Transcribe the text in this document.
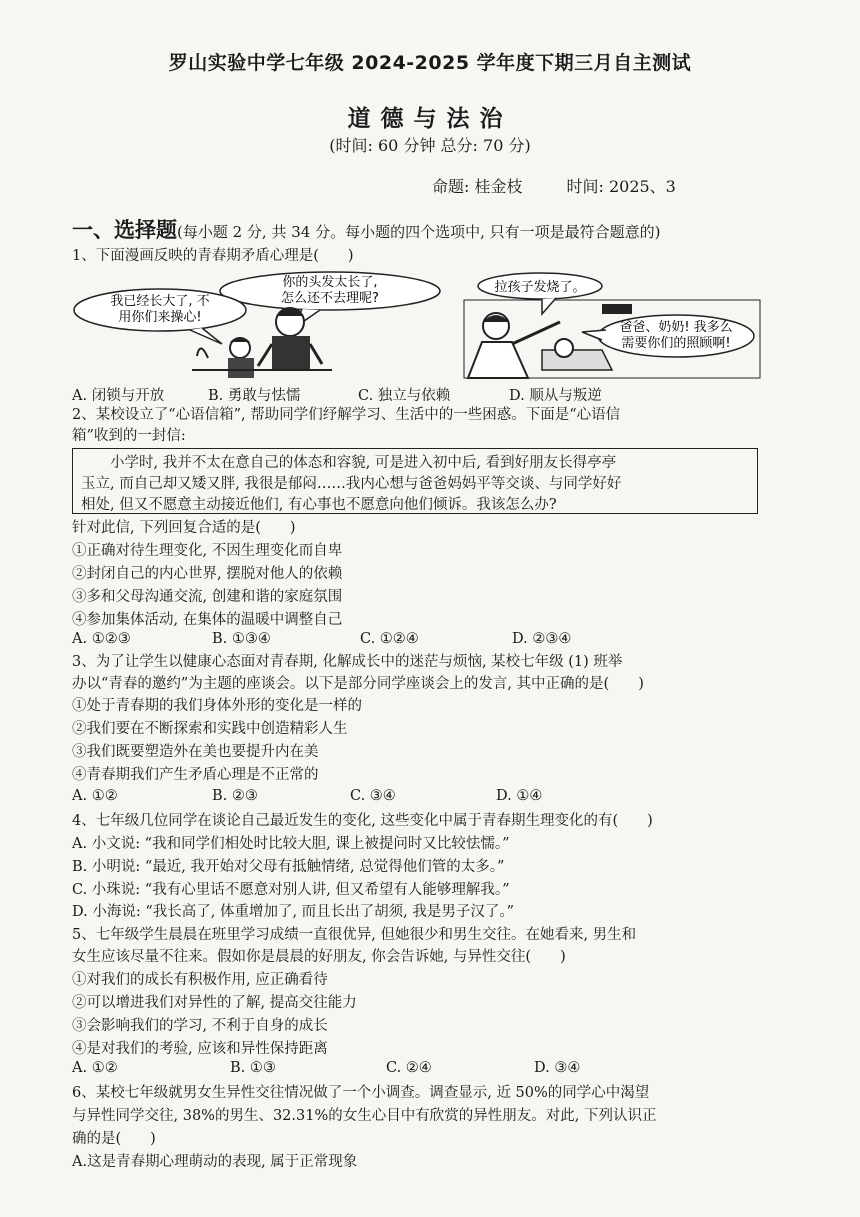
罗山实验中学七年级 2024-2025 学年度下期三月自主测试
道德与法治
(时间: 60 分钟 总分: 70 分)
命题: 桂金枝	时间: 2025、3
一、选择题(每小题 2 分, 共 34 分。每小题的四个选项中, 只有一项是最符合题意的)
1、下面漫画反映的青春期矛盾心理是(　　)
你的头发太长了,
怎么还不去理呢?
我已经长大了, 不
用你们来操心!
拉孩子发烧了。
爸爸、奶奶! 我多么
需要你们的照顾啊!
A. 闭锁与开放	B. 勇敢与怯懦	C. 独立与依赖	D. 顺从与叛逆
2、某校设立了“心语信箱”, 帮助同学们纾解学习、生活中的一些困惑。下面是“心语信
箱”收到的一封信:
　　小学时, 我并不太在意自己的体态和容貌, 可是进入初中后, 看到好朋友长得亭亭
玉立, 而自己却又矮又胖, 我很是郁闷……我内心想与爸爸妈妈平等交谈、与同学好好
相处, 但又不愿意主动接近他们, 有心事也不愿意向他们倾诉。我该怎么办?
针对此信, 下列回复合适的是(　　)
①正确对待生理变化, 不因生理变化而自卑
②封闭自己的内心世界, 摆脱对他人的依赖
③多和父母沟通交流, 创建和谐的家庭氛围
④参加集体活动, 在集体的温暖中调整自己
A. ①②③	B. ①③④	C. ①②④	D. ②③④
3、为了让学生以健康心态面对青春期, 化解成长中的迷茫与烦恼, 某校七年级 (1) 班举
办以“青春的邀约”为主题的座谈会。以下是部分同学座谈会上的发言, 其中正确的是(　　)
①处于青春期的我们身体外形的变化是一样的
②我们要在不断探索和实践中创造精彩人生
③我们既要塑造外在美也要提升内在美
④青春期我们产生矛盾心理是不正常的
A. ①②	B. ②③	C. ③④	D. ①④
4、七年级几位同学在谈论自己最近发生的变化, 这些变化中属于青春期生理变化的有(　　)
A. 小文说: “我和同学们相处时比较大胆, 课上被提问时又比较怯懦。”
B. 小明说: “最近, 我开始对父母有抵触情绪, 总觉得他们管的太多。”
C. 小珠说: “我有心里话不愿意对别人讲, 但又希望有人能够理解我。”
D. 小海说: “我长高了, 体重增加了, 而且长出了胡须, 我是男子汉了。”
5、七年级学生晨晨在班里学习成绩一直很优异, 但她很少和男生交往。在她看来, 男生和
女生应该尽量不往来。假如你是晨晨的好朋友, 你会告诉她, 与异性交往(　　)
①对我们的成长有积极作用, 应正确看待
②可以增进我们对异性的了解, 提高交往能力
③会影响我们的学习, 不利于自身的成长
④是对我们的考验, 应该和异性保持距离
A. ①②	B. ①③	C. ②④	D. ③④
6、某校七年级就男女生异性交往情况做了一个小调查。调查显示, 近 50%的同学心中渴望
与异性同学交往, 38%的男生、32.31%的女生心目中有欣赏的异性朋友。对此, 下列认识正
确的是(　　)
A.这是青春期心理萌动的表现, 属于正常现象
